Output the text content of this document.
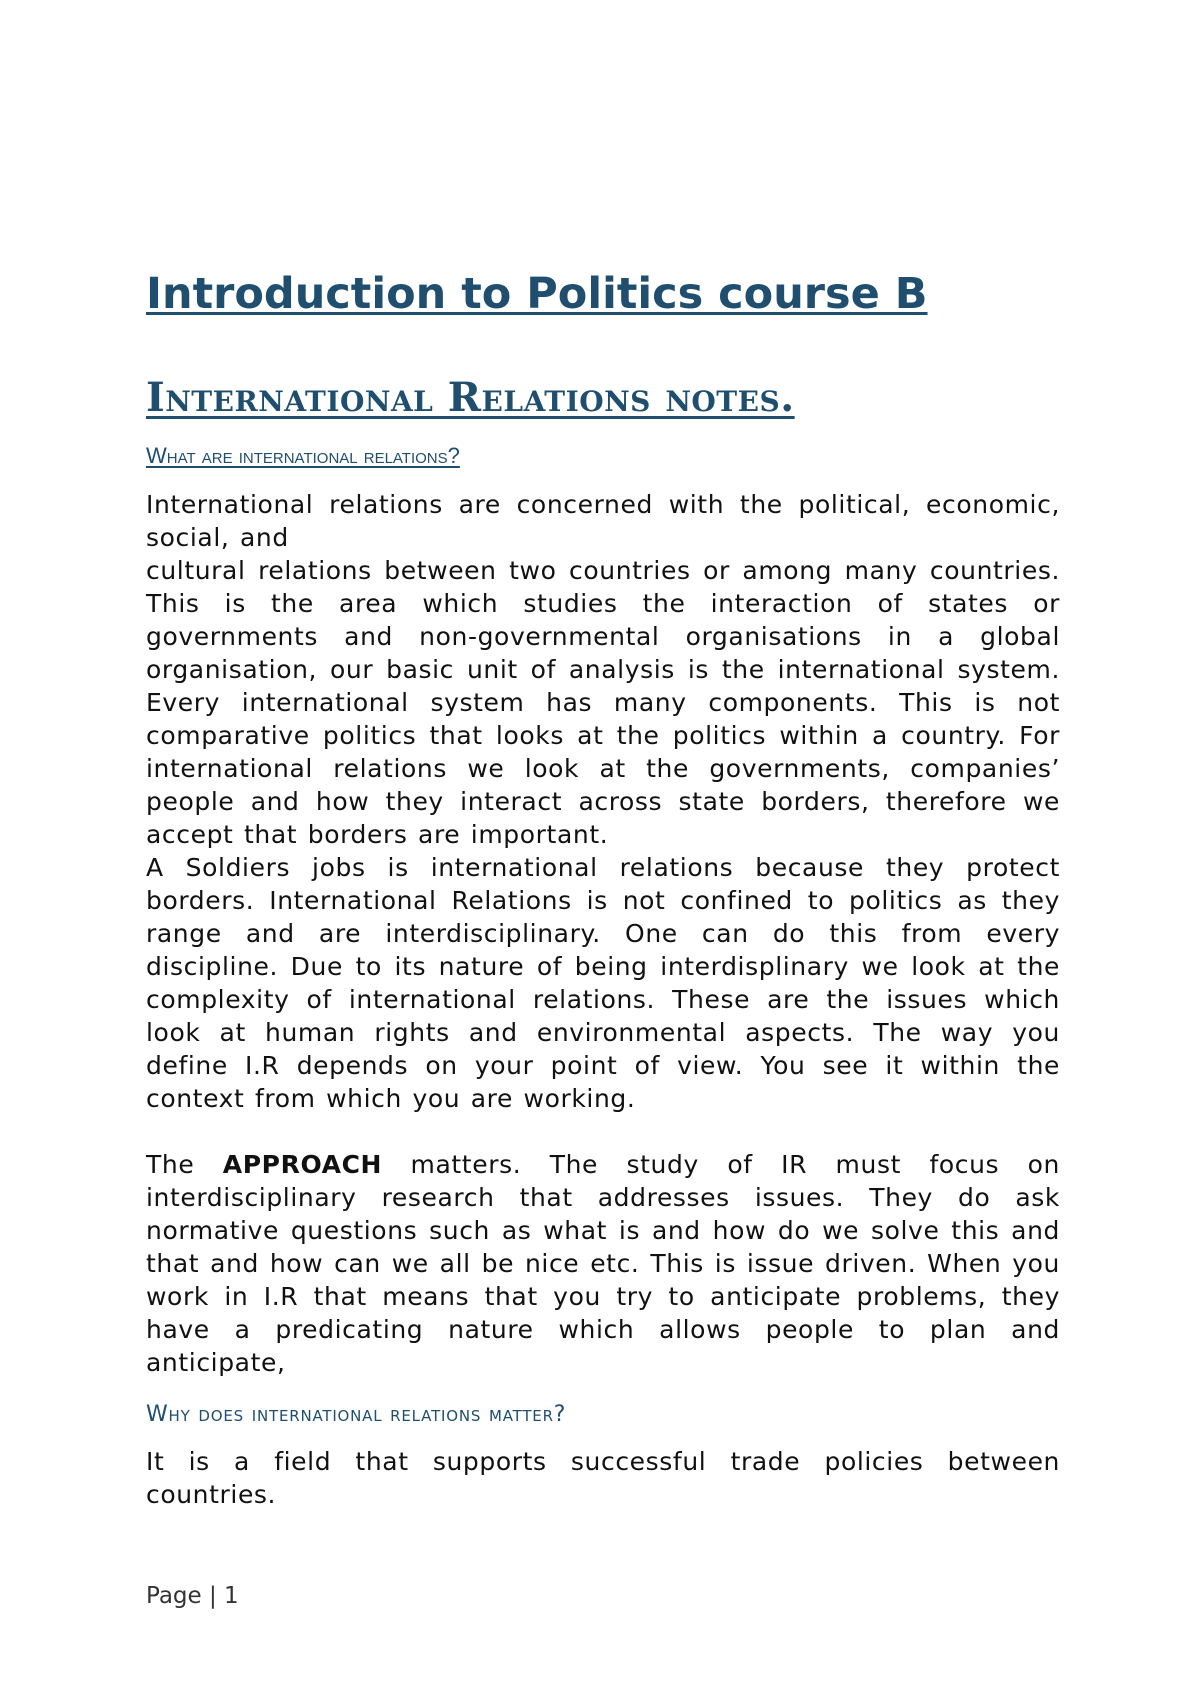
Introduction to Politics course B
International Relations notes.
What are international relations?

International relations are concerned with the political, economic, social, and

cultural relations between two countries or among many countries. This is the area which studies the interaction of states or governments and non-governmental organisations in a global organisation, our basic unit of analysis is the international system. Every international system has many components. This is not comparative politics that looks at the politics within a country. For international relations we look at the governments, companies’ people and how they interact across state borders, therefore we accept that borders are important.

A Soldiers jobs is international relations because they protect borders. International Relations is not confined to politics as they range and are interdisciplinary. One can do this from every discipline. Due to its nature of being interdisplinary we look at the complexity of international relations. These are the issues which look at human rights and environmental aspects. The way you define I.R depends on your point of view. You see it within the context from which you are working.

The APPROACH matters. The study of IR must focus on interdisciplinary research that addresses issues. They do ask normative questions such as what is and how do we solve this and that and how can we all be nice etc. This is issue driven. When you work in I.R that means that you try to anticipate problems, they have a predicating nature which allows people to plan and anticipate,

Why does international relations matter?

It is a field that supports successful trade policies between countries.

Page | 1
